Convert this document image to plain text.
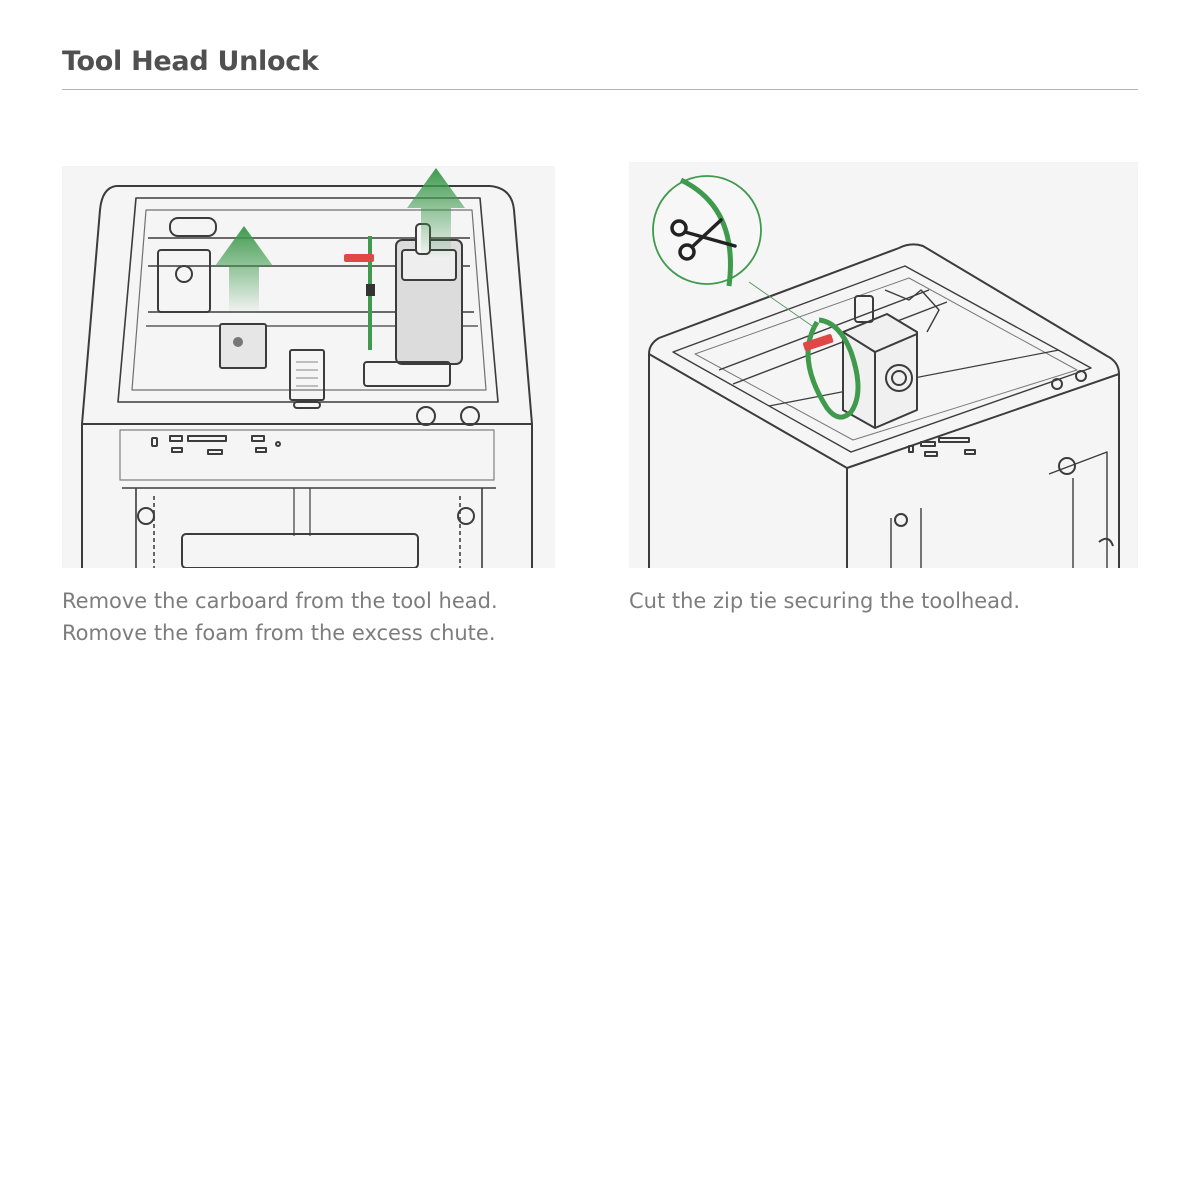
Tool Head Unlock
Remove the carboard from the tool head.
Romove the foam from the excess chute.
Cut the zip tie securing the toolhead.
